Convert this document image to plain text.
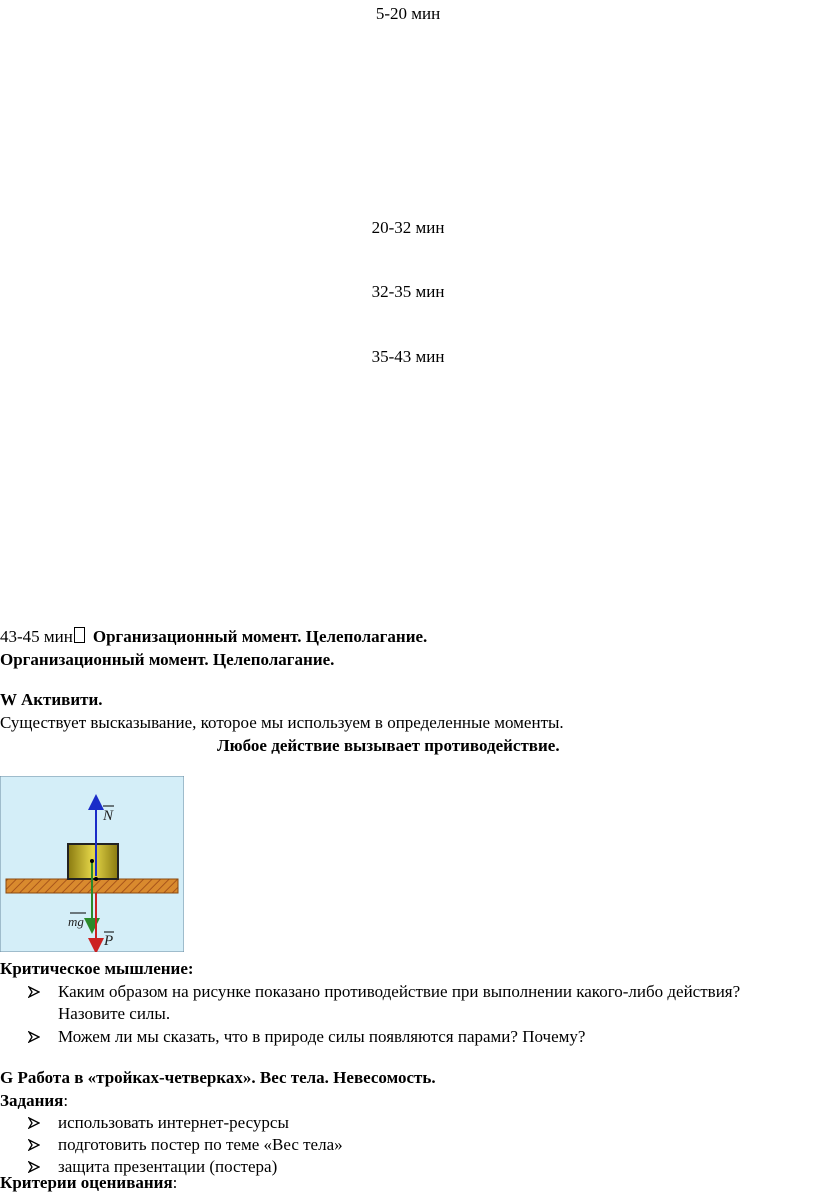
5-20 мин
20-32 мин
32-35 мин
35-43 мин
43-45 мин Организационный момент. Целеполагание.
Организационный момент. Целеполагание.
W Активити.
Существует высказывание, которое мы используем в определенные моменты.
Любое действие вызывает противодействие.
N
mg
P
Критическое мышление:
Каким образом на рисунке показано противодействие при выполнении какого-либо действия?
Назовите силы.
Можем ли мы сказать, что в природе силы появляются парами? Почему?
G Работа в «тройках-четверках». Вес тела. Невесомость.
Задания:
использовать интернет-ресурсы
подготовить постер по теме «Вес тела»
защита презентации (постера)
Критерии оценивания:
